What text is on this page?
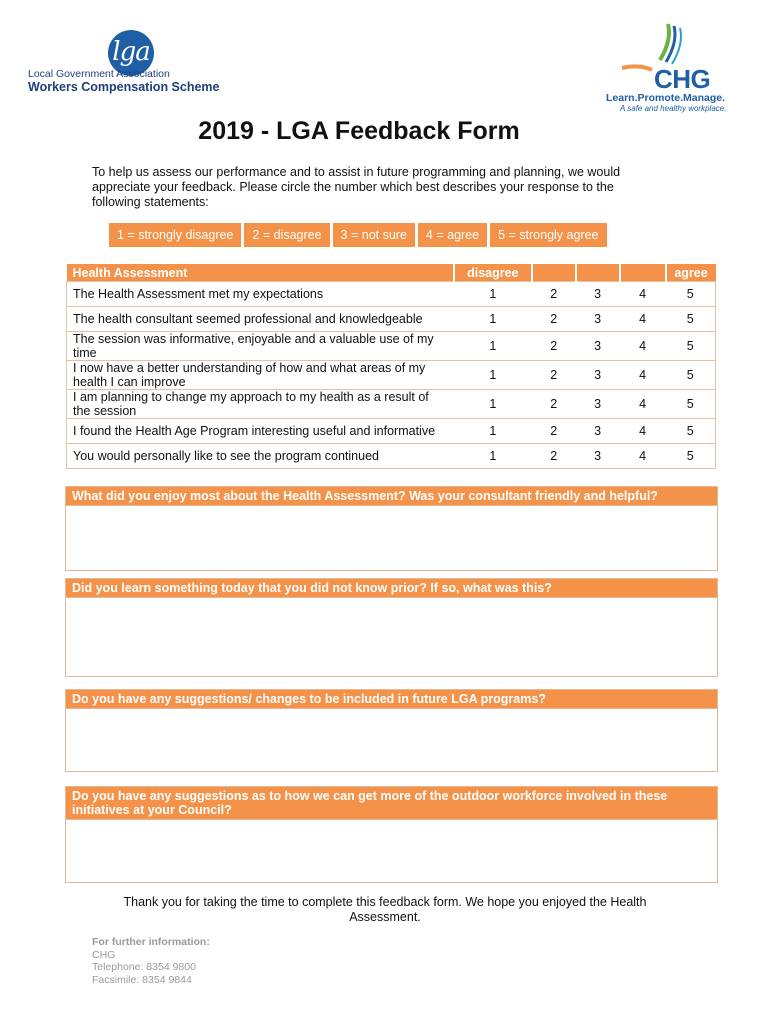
lga
Local Government Association
Workers Compensation Scheme	CHG
Learn.Promote.Manage.
A safe and healthy workplace.
2019 - LGA Feedback Form
To help us assess our performance and to assist in future programming and planning, we would appreciate your feedback. Please circle the number which best describes your response to the following statements:
1 = strongly disagree	2 = disagree	3 = not sure	4 = agree	5 = strongly agree
Health Assessment	disagree				agree
The Health Assessment met my expectations	1	2	3	4	5
The health consultant seemed professional and knowledgeable	1	2	3	4	5
The session was informative, enjoyable and a valuable use of my time	1	2	3	4	5
I now have a better understanding of how and what areas of my health I can improve	1	2	3	4	5
I am planning to change my approach to my health as a result of the session	1	2	3	4	5
I found the Health Age Program interesting useful and informative	1	2	3	4	5
You would personally like to see the program continued	1	2	3	4	5
What did you enjoy most about the Health Assessment? Was your consultant friendly and helpful?
Did you learn something today that you did not know prior? If so, what was this?
Do you have any suggestions/ changes to be included in future LGA programs?
Do you have any suggestions as to how we can get more of the outdoor workforce involved in these initiatives at your Council?
Thank you for taking the time to complete this feedback form. We hope you enjoyed the Health Assessment.
For further information:
CHG
Telephone: 8354 9800
Facsimile: 8354 9844
